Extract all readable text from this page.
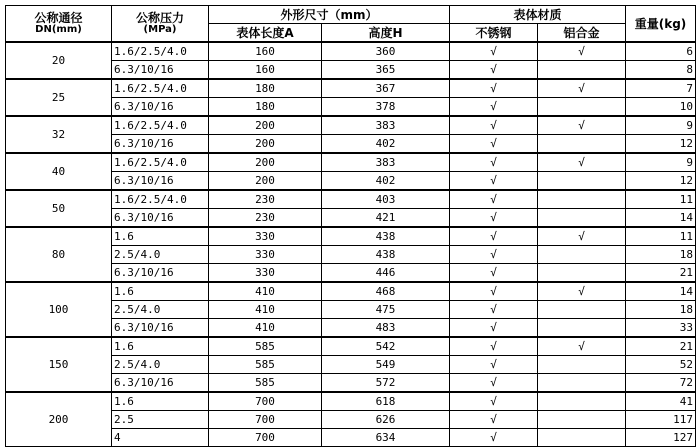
公称通径
DN(mm)	公称压力
(MPa)	外形尺寸（mm）		表体材质		重量(kg)
		表体长度A	高度H	不锈钢	铝合金	
20	1.6/2.5/4.0	160	360	√	√	6
	6.3/10/16	160	365	√		8
25	1.6/2.5/4.0	180	367	√	√	7
	6.3/10/16	180	378	√		10
32	1.6/2.5/4.0	200	383	√	√	9
	6.3/10/16	200	402	√		12
40	1.6/2.5/4.0	200	383	√	√	9
	6.3/10/16	200	402	√		12
50	1.6/2.5/4.0	230	403	√		11
	6.3/10/16	230	421	√		14
80	1.6	330	438	√	√	11
	2.5/4.0	330	438	√		18
	6.3/10/16	330	446	√		21
100	1.6	410	468	√	√	14
	2.5/4.0	410	475	√		18
	6.3/10/16	410	483	√		33
150	1.6	585	542	√	√	21
	2.5/4.0	585	549	√		52
	6.3/10/16	585	572	√		72
200	1.6	700	618	√		41
	2.5	700	626	√		117
	4	700	634	√		127
